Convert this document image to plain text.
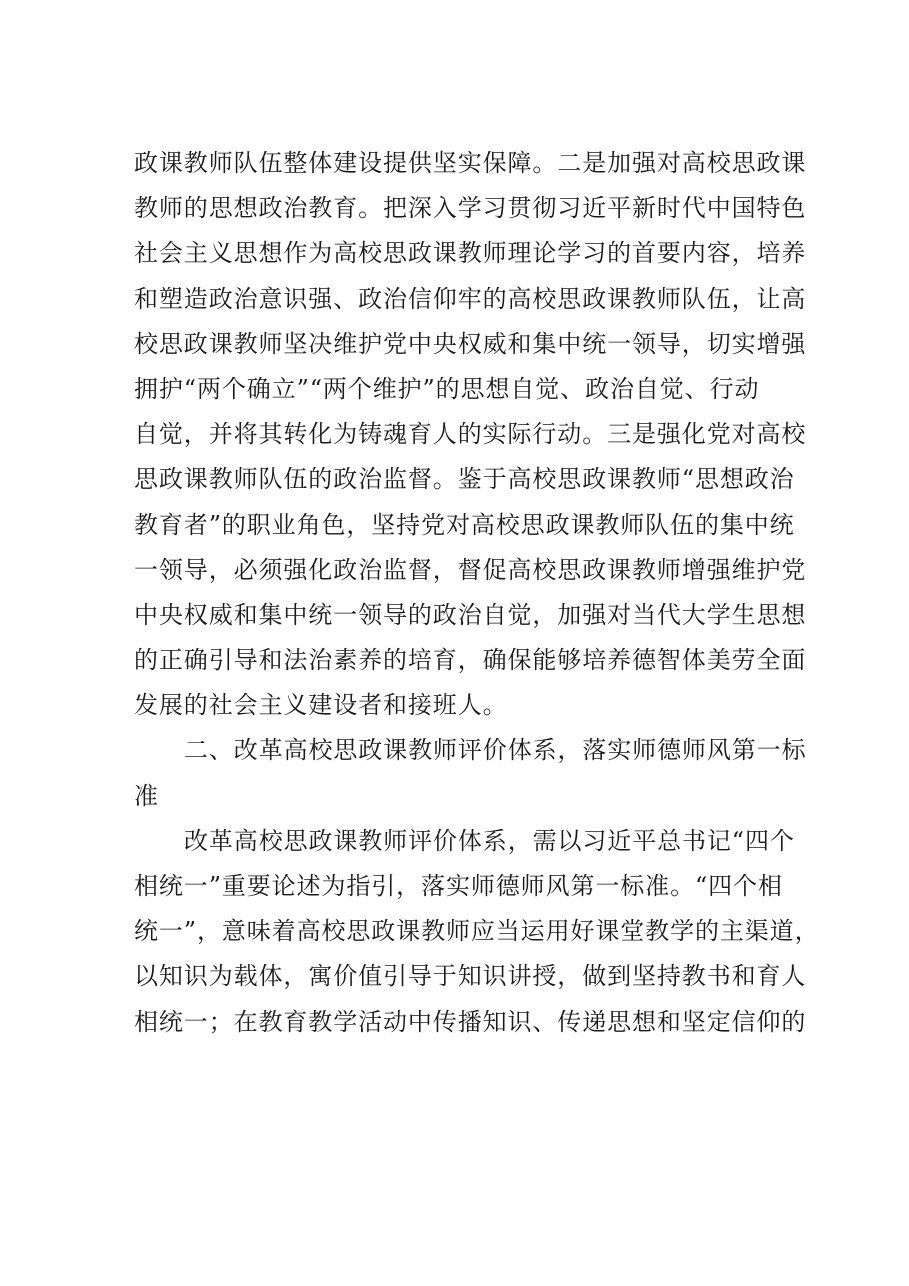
政课教师队伍整体建设提供坚实保障。二是加强对高校思政课
教师的思想政治教育。把深入学习贯彻习近平新时代中国特色
社会主义思想作为高校思政课教师理论学习的首要内容，培养
和塑造政治意识强、政治信仰牢的高校思政课教师队伍，让高
校思政课教师坚决维护党中央权威和集中统一领导，切实增强
拥护“两个确立”“两个维护”的思想自觉、政治自觉、行动
自觉，并将其转化为铸魂育人的实际行动。三是强化党对高校
思政课教师队伍的政治监督。鉴于高校思政课教师“思想政治
教育者”的职业角色，坚持党对高校思政课教师队伍的集中统
一领导，必须强化政治监督，督促高校思政课教师增强维护党
中央权威和集中统一领导的政治自觉，加强对当代大学生思想
的正确引导和法治素养的培育，确保能够培养德智体美劳全面
发展的社会主义建设者和接班人。
二、改革高校思政课教师评价体系，落实师德师风第一标
准
改革高校思政课教师评价体系，需以习近平总书记“四个
相统一”重要论述为指引，落实师德师风第一标准。“四个相
统一”，意味着高校思政课教师应当运用好课堂教学的主渠道，
以知识为载体，寓价值引导于知识讲授，做到坚持教书和育人
相统一；在教育教学活动中传播知识、传递思想和坚定信仰的
